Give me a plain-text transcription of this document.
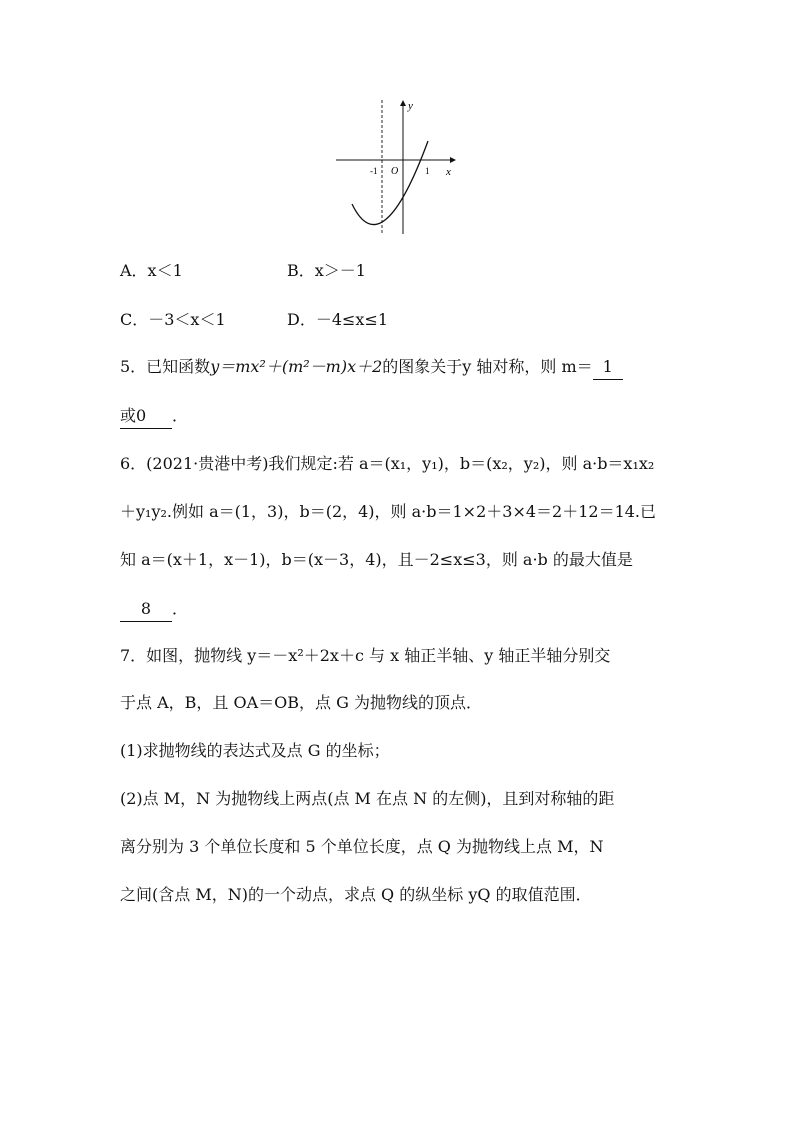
y
x
O
-1	1
A．x＜1	B．x＞－1
C．－3＜x＜1	D．－4≤x≤1
5．已知函数y＝mx²＋(m²－m)x＋2的图象关于y 轴对称，则 m＝ 1
或0 ．
6．(2021·贵港中考)我们规定:若 a＝(x₁，y₁)，b＝(x₂，y₂)，则 a·b＝x₁x₂
＋y₁y₂.例如 a＝(1，3)，b＝(2，4)，则 a·b＝1×2＋3×4＝2＋12＝14.已
知 a＝(x＋1，x－1)，b＝(x－3，4)，且－2≤x≤3，则 a·b 的最大值是
8 ．
7．如图，抛物线 y＝－x²＋2x＋c 与 x 轴正半轴、y 轴正半轴分别交
于点 A，B，且 OA＝OB，点 G 为抛物线的顶点．
(1)求抛物线的表达式及点 G 的坐标；
(2)点 M，N 为抛物线上两点(点 M 在点 N 的左侧)，且到对称轴的距
离分别为 3 个单位长度和 5 个单位长度，点 Q 为抛物线上点 M，N
之间(含点 M，N)的一个动点，求点 Q 的纵坐标 yQ 的取值范围．
